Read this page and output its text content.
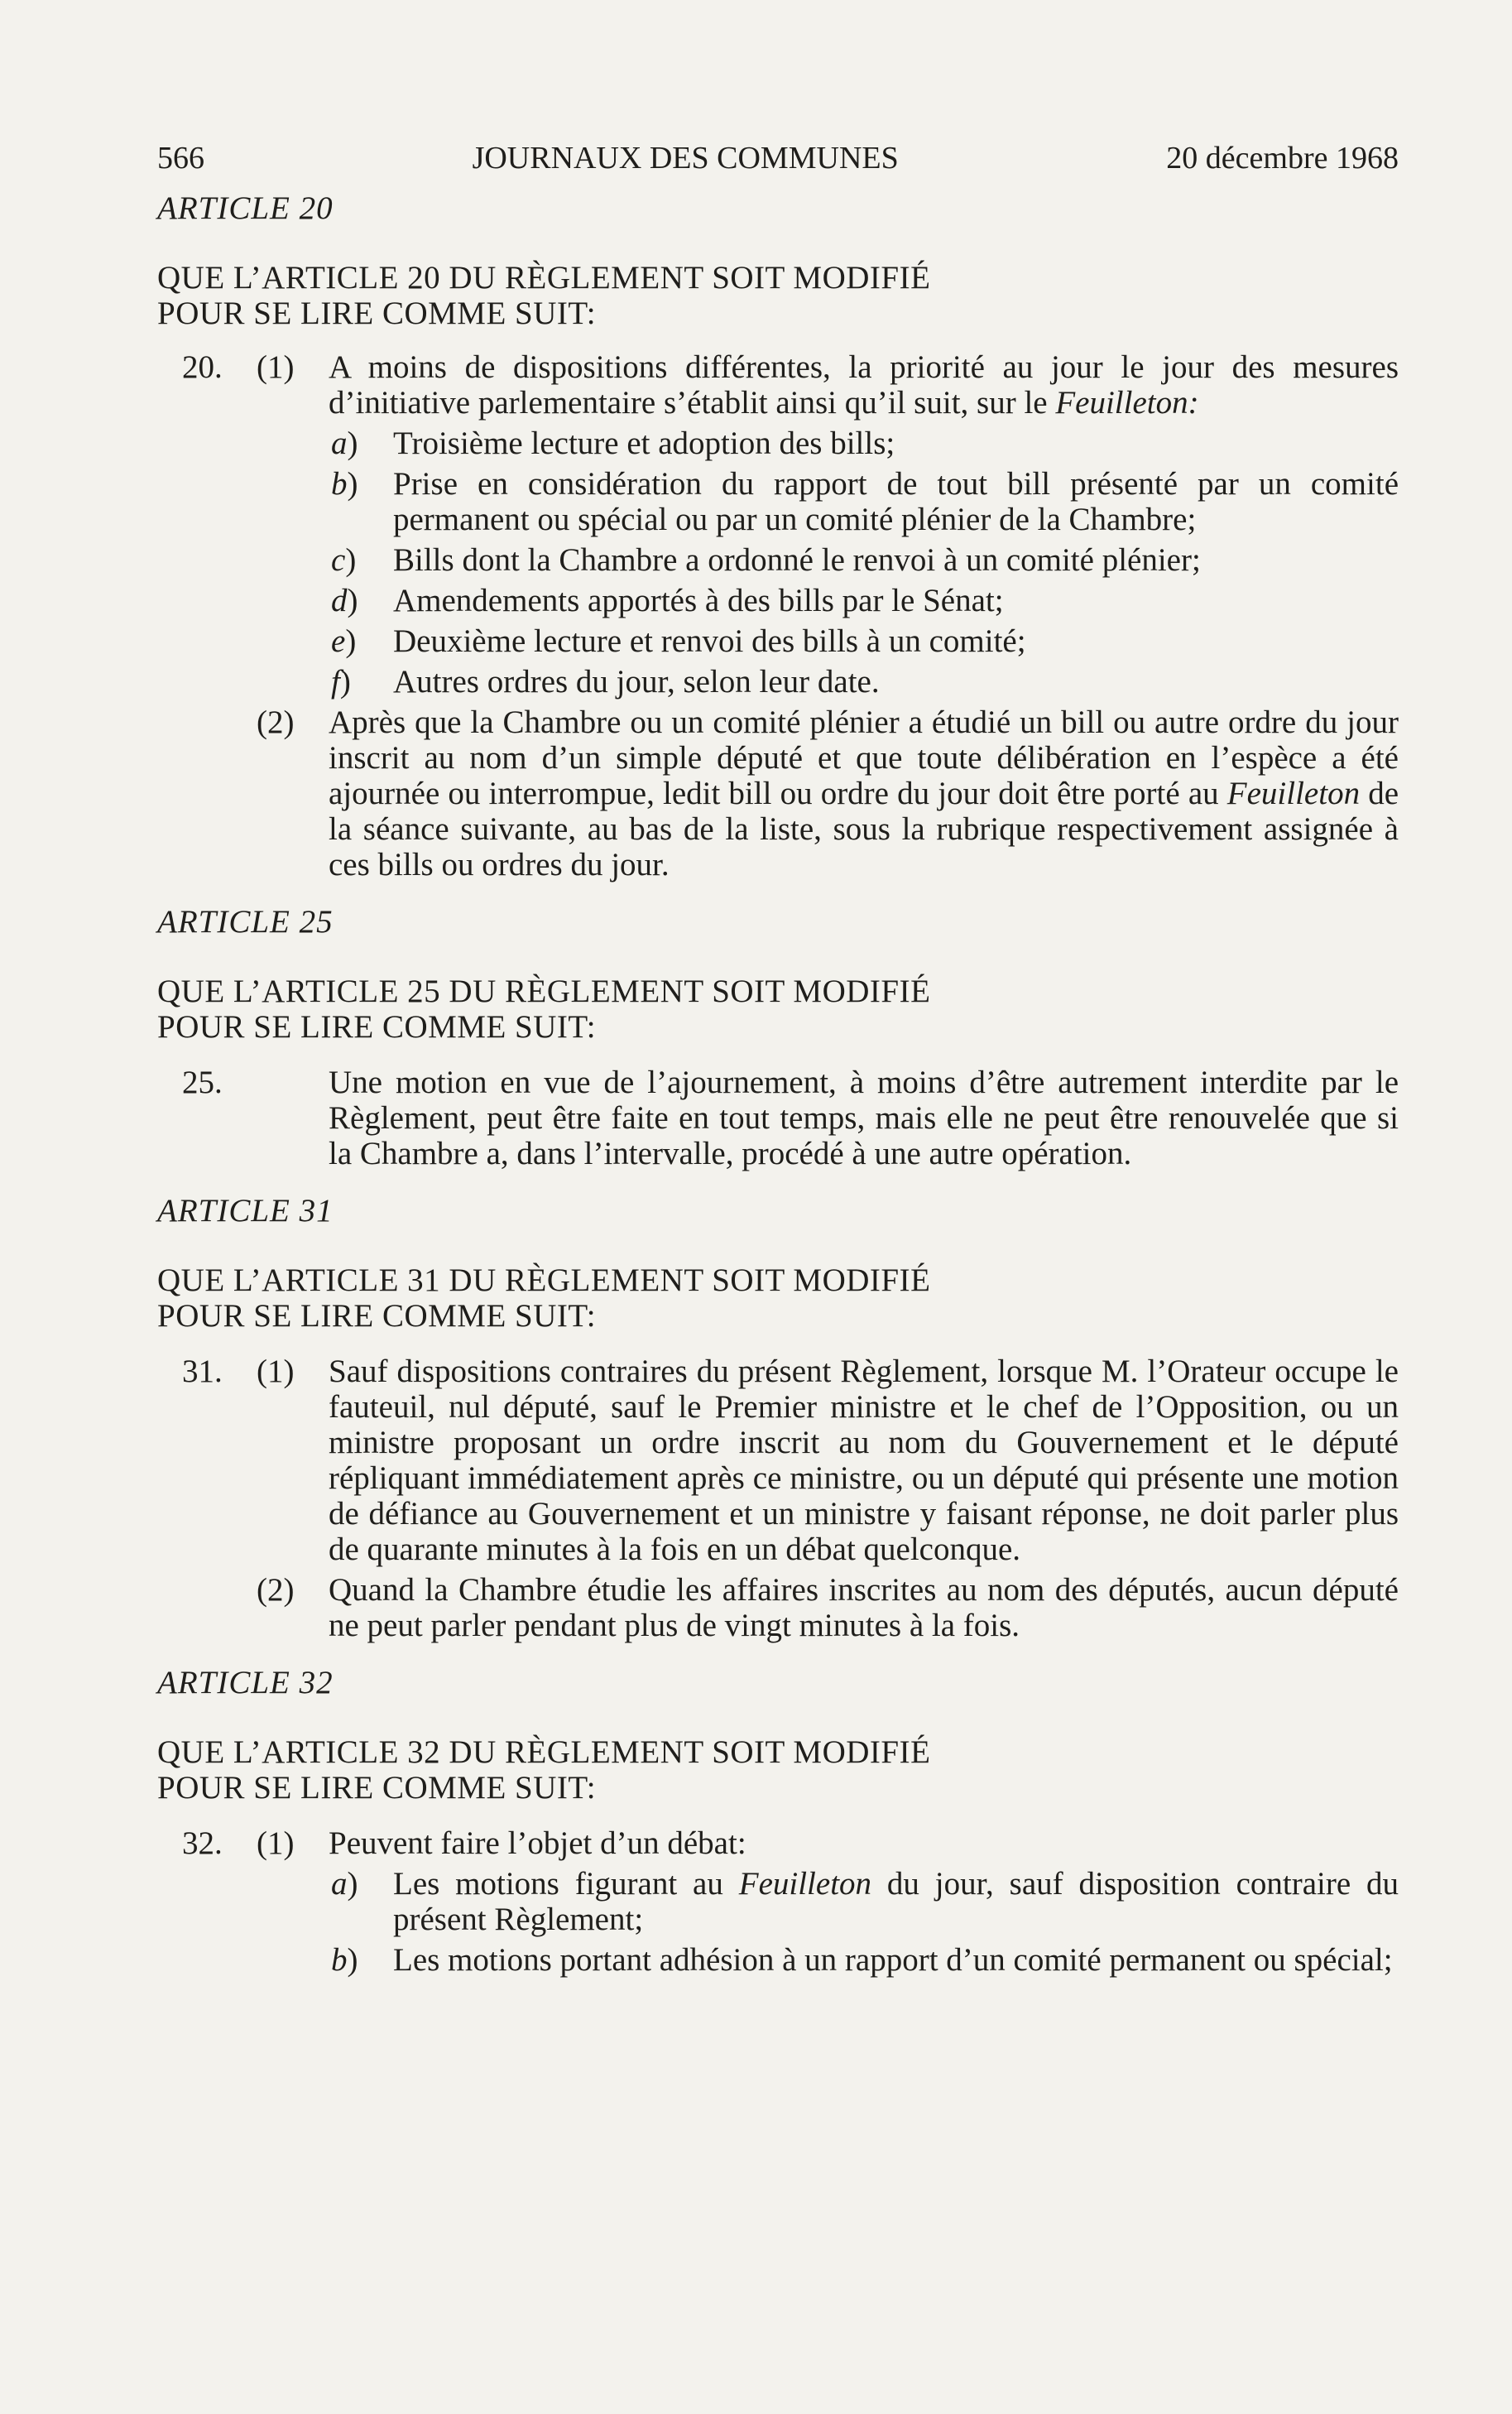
566	JOURNAUX DES COMMUNES	20 décembre 1968
ARTICLE 20
QUE L’ARTICLE 20 DU RÈGLEMENT SOIT MODIFIÉ
POUR SE LIRE COMME SUIT:
20. (1) A moins de dispositions différentes, la priorité au jour le jour des mesures d’initiative parlementaire s’établit ainsi qu’il suit, sur le Feuilleton:
a) Troisième lecture et adoption des bills;
b) Prise en considération du rapport de tout bill présenté par un comité permanent ou spécial ou par un comité plénier de la Chambre;
c) Bills dont la Chambre a ordonné le renvoi à un comité plénier;
d) Amendements apportés à des bills par le Sénat;
e) Deuxième lecture et renvoi des bills à un comité;
f) Autres ordres du jour, selon leur date.
(2) Après que la Chambre ou un comité plénier a étudié un bill ou autre ordre du jour inscrit au nom d’un simple député et que toute délibération en l’espèce a été ajournée ou interrompue, ledit bill ou ordre du jour doit être porté au Feuilleton de la séance suivante, au bas de la liste, sous la rubrique respectivement assignée à ces bills ou ordres du jour.
ARTICLE 25
QUE L’ARTICLE 25 DU RÈGLEMENT SOIT MODIFIÉ
POUR SE LIRE COMME SUIT:
25.	Une motion en vue de l’ajournement, à moins d’être autrement interdite par le Règlement, peut être faite en tout temps, mais elle ne peut être renouvelée que si la Chambre a, dans l’intervalle, procédé à une autre opération.
ARTICLE 31
QUE L’ARTICLE 31 DU RÈGLEMENT SOIT MODIFIÉ
POUR SE LIRE COMME SUIT:
31. (1) Sauf dispositions contraires du présent Règlement, lorsque M. l’Orateur occupe le fauteuil, nul député, sauf le Premier ministre et le chef de l’Opposition, ou un ministre proposant un ordre inscrit au nom du Gouvernement et le député répliquant immédiatement après ce ministre, ou un député qui présente une motion de défiance au Gouvernement et un ministre y faisant réponse, ne doit parler plus de quarante minutes à la fois en un débat quelconque.
(2) Quand la Chambre étudie les affaires inscrites au nom des députés, aucun député ne peut parler pendant plus de vingt minutes à la fois.
ARTICLE 32
QUE L’ARTICLE 32 DU RÈGLEMENT SOIT MODIFIÉ
POUR SE LIRE COMME SUIT:
32. (1) Peuvent faire l’objet d’un débat:
a) Les motions figurant au Feuilleton du jour, sauf disposition contraire du présent Règlement;
b) Les motions portant adhésion à un rapport d’un comité permanent ou spécial;
